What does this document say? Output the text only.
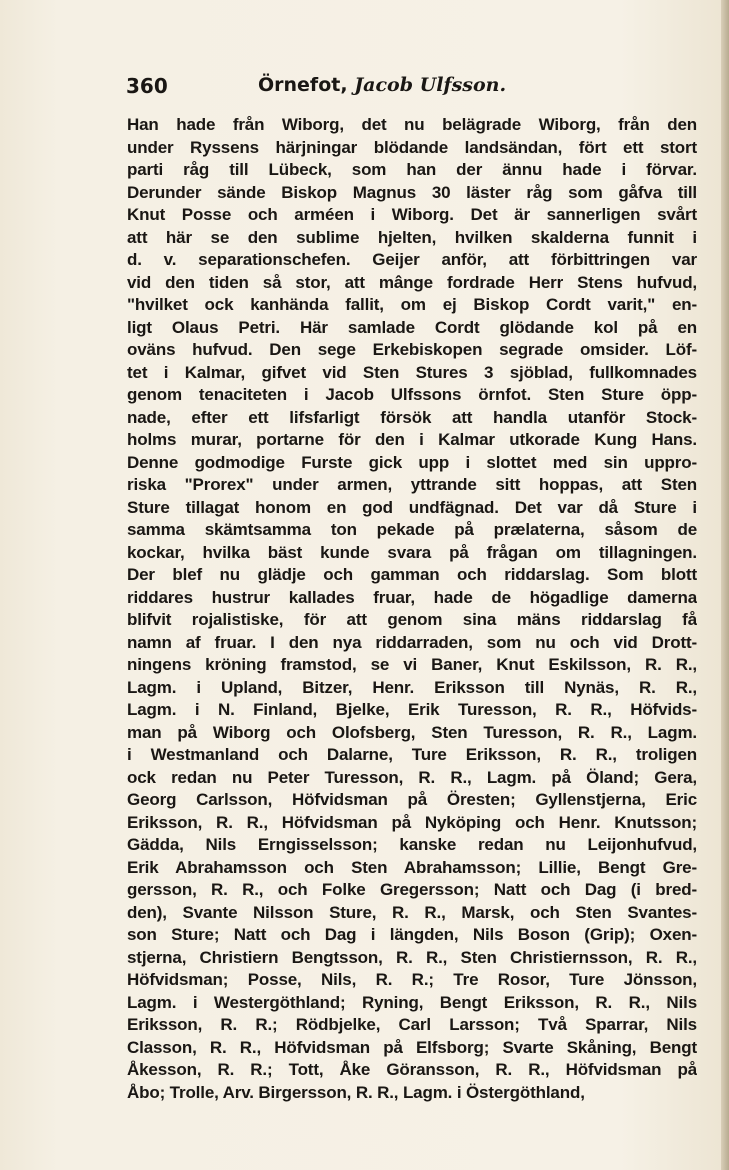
360	Örnefot, Jacob Ulfsson.
Han hade från Wiborg, det nu belägrade Wiborg, från den
under Ryssens härjningar blödande landsändan, fört ett stort
parti råg till Lübeck, som han der ännu hade i förvar.
Derunder sände Biskop Magnus 30 läster råg som gåfva till
Knut Posse och arméen i Wiborg. Det är sannerligen svårt
att här se den sublime hjelten, hvilken skalderna funnit i
d. v. separationschefen. Geijer anför, att förbittringen var
vid den tiden så stor, att mânge fordrade Herr Stens hufvud,
"hvilket ock kanhända fallit, om ej Biskop Cordt varit," en-
ligt Olaus Petri. Här samlade Cordt glödande kol på en
oväns hufvud. Den sege Erkebiskopen segrade omsider. Löf-
tet i Kalmar, gifvet vid Sten Stures 3 sjöblad, fullkomnades
genom tenaciteten i Jacob Ulfssons örnfot. Sten Sture öpp-
nade, efter ett lifsfarligt försök att handla utanför Stock-
holms murar, portarne för den i Kalmar utkorade Kung Hans.
Denne godmodige Furste gick upp i slottet med sin uppro-
riska "Prorex" under armen, yttrande sitt hoppas, att Sten
Sture tillagat honom en god undfägnad. Det var då Sture i
samma skämtsamma ton pekade på prælaterna, såsom de
kockar, hvilka bäst kunde svara på frågan om tillagningen.
Der blef nu glädje och gamman och riddarslag. Som blott
riddares hustrur kallades fruar, hade de högadlige damerna
blifvit rojalistiske, för att genom sina mäns riddarslag få
namn af fruar. I den nya riddarraden, som nu och vid Drott-
ningens kröning framstod, se vi Baner, Knut Eskilsson, R. R.,
Lagm. i Upland, Bitzer, Henr. Eriksson till Nynäs, R. R.,
Lagm. i N. Finland, Bjelke, Erik Turesson, R. R., Höfvids-
man på Wiborg och Olofsberg, Sten Turesson, R. R., Lagm.
i Westmanland och Dalarne, Ture Eriksson, R. R., troligen
ock redan nu Peter Turesson, R. R., Lagm. på Öland; Gera,
Georg Carlsson, Höfvidsman på Öresten; Gyllenstjerna, Eric
Eriksson, R. R., Höfvidsman på Nyköping och Henr. Knutsson;
Gädda, Nils Erngisselsson; kanske redan nu Leijonhufvud,
Erik Abrahamsson och Sten Abrahamsson; Lillie, Bengt Gre-
gersson, R. R., och Folke Gregersson; Natt och Dag (i bred-
den), Svante Nilsson Sture, R. R., Marsk, och Sten Svantes-
son Sture; Natt och Dag i längden, Nils Boson (Grip); Oxen-
stjerna, Christiern Bengtsson, R. R., Sten Christiernsson, R. R.,
Höfvidsman; Posse, Nils, R. R.; Tre Rosor, Ture Jönsson,
Lagm. i Westergöthland; Ryning, Bengt Eriksson, R. R., Nils
Eriksson, R. R.; Rödbjelke, Carl Larsson; Två Sparrar, Nils
Classon, R. R., Höfvidsman på Elfsborg; Svarte Skåning, Bengt
Åkesson, R. R.; Tott, Åke Göransson, R. R., Höfvidsman på
Åbo; Trolle, Arv. Birgersson, R. R., Lagm. i Östergöthland,
